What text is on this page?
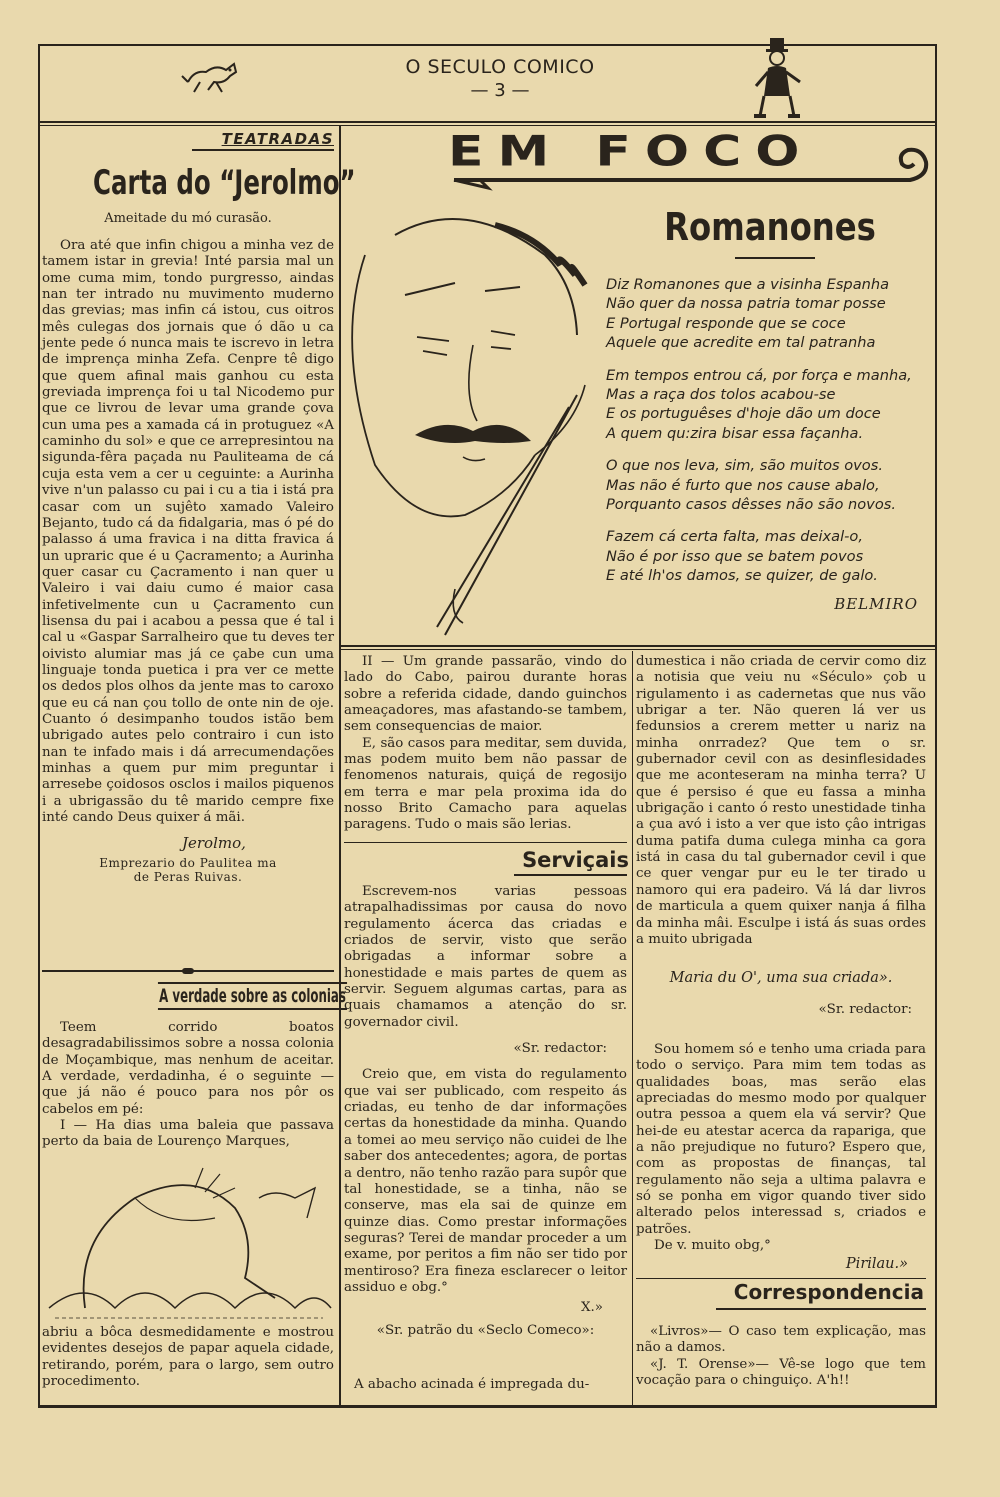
O SECULO COMICO
— 3 —
TEATRADAS
Carta do “Jerolmo”
Ameitade du mó curasão.

Ora até que infin chigou a minha vez de tamem istar in grevia! Inté parsia mal un ome cuma mim, tondo purgresso, aindas nan ter intrado nu muvimento muderno das grevias; mas infin cá istou, cus oitros mês culegas dos jornais que ó dão u ca jente pede ó nunca mais te iscrevo in letra de imprença minha Zefa. Cenpre tê digo que quem afinal mais ganhou cu esta greviada imprença foi u tal Nicodemo pur que ce livrou de levar uma grande çova cun uma pes a xamada cá in protuguez «A caminho du sol» e que ce arrepresintou na sigunda-fêra paçada nu Pauliteama de cá cuja esta vem a cer u ceguinte: a Aurinha vive n'un palasso cu pai i cu a tia i istá pra casar com un sujêto xamado Valeiro Bejanto, tudo cá da fidalgaria, mas ó pé do palasso á uma fravica i na ditta fravica á un upraric que é u Çacramento; a Aurinha quer casar cu Çacramento i nan quer u Valeiro i vai daiu cumo é maior casa infetivelmente cun u Çacramento cun lisensa du pai i acabou a pessa que é tal i cal u «Gaspar Sarralheiro que tu deves ter oivisto alumiar mas já ce çabe cun uma linguaje tonda puetica i pra ver ce mette os dedos plos olhos da jente mas to caroxo que eu cá nan çou tollo de onte nin de oje. Cuanto ó desimpanho toudos istão bem ubrigado autes pelo contrairo i cun isto nan te infado mais i dá arrecumendações minhas a quem pur mim preguntar i arresebe çoidosos osclos i mailos piquenos i a ubrigassão du tê marido cempre fixe inté cando Deus quixer á mãi.

Jerolmo,
Emprezario do Paulitea ma
de Peras Ruivas.
A verdade sobre as colonias

Teem corrido boatos desagradabilissimos sobre a nossa colonia de Moçambique, mas nenhum de aceitar. A verdade, verdadinha, é o seguinte — que já não é pouco para nos pôr os cabelos em pé:

I — Ha dias uma baleia que passava perto da baia de Lourenço Marques,

abriu a bôca desmedidamente e mostrou evidentes desejos de papar aquela cidade, retirando, porém, para o largo, sem outro procedimento.

EM FOCO
Romanones
Diz Romanones que a visinha Espanha
Não quer da nossa patria tomar posse
E Portugal responde que se coce
Aquele que acredite em tal patranha
Em tempos entrou cá, por força e manha,
Mas a raça dos tolos acabou-se
E os portuguêses d'hoje dão um doce
A quem qu:zira bisar essa façanha.
O que nos leva, sim, são muitos ovos.
Mas não é furto que nos cause abalo,
Porquanto casos dêsses não são novos.
Fazem cá certa falta, mas deixal-o,
Não é por isso que se batem povos
E até lh'os damos, se quizer, de galo.
BELMIRO

II — Um grande passarão, vindo do lado do Cabo, pairou durante horas sobre a referida cidade, dando guinchos ameaçadores, mas afastando-se tambem, sem consequencias de maior.

E, são casos para meditar, sem duvida, mas podem muito bem não passar de fenomenos naturais, quiçá de regosijo em terra e mar pela proxima ida do nosso Brito Camacho para aquelas paragens. Tudo o mais são lerias.

Serviçais

Escrevem-nos varias pessoas atrapalhadissimas por causa do novo regulamento ácerca das criadas e criados de servir, visto que serão obrigadas a informar sobre a honestidade e mais partes de quem as servir. Seguem algumas cartas, para as quais chamamos a atenção do sr. governador civil.

«Sr. redactor:

Creio que, em vista do regulamento que vai ser publicado, com respeito ás criadas, eu tenho de dar informações certas da honestidade da minha. Quando a tomei ao meu serviço não cuidei de lhe saber dos antecedentes; agora, de portas a dentro, não tenho razão para supôr que tal honestidade, se a tinha, não se conserve, mas ela sai de quinze em quinze dias. Como prestar informações seguras? Terei de mandar proceder a um exame, por peritos a fim não ser tido por mentiroso? Era fineza esclarecer o leitor assiduo e obg.°

X.»
«Sr. patrão du «Seclo Comeco»:
A abacho acinada é impregada du-

dumestica i não criada de cervir como diz a notisia que veiu nu «Século» çob u rigulamento i as cadernetas que nus vão ubrigar a ter. Não queren lá ver us fedunsios a crerem metter u nariz na minha onrradez? Que tem o sr. gubernador cevil con as desinflesidades que me aconteseram na minha terra? U que é persiso é que eu fassa a minha ubrigação i canto ó resto unestidade tinha a çua avó i isto a ver que isto çâo intrigas duma patifa duma culega minha ca gora istá in casa du tal gubernador cevil i que ce quer vengar pur eu le ter tirado u namoro qui era padeiro. Vá lá dar livros de marticula a quem quixer nanja á filha da minha mâi. Esculpe i istá ás suas ordes a muito ubrigada

Maria du O', uma sua criada».
«Sr. redactor:

Sou homem só e tenho uma criada para todo o serviço. Para mim tem todas as qualidades boas, mas serão elas apreciadas do mesmo modo por qualquer outra pessoa a quem ela vá servir? Que hei-de eu atestar acerca da rapariga, que a não prejudique no futuro? Espero que, com as propostas de finanças, tal regulamento não seja a ultima palavra e só se ponha em vigor quando tiver sido alterado pelos interessad s, criados e patrões.

De v. muito obg,°

Pirilau.»
Correspondencia

«Livros»— O caso tem explicação, mas não a damos.

«J. T. Orense»— Vê-se logo que tem vocação para o chinguiço. A'h!!
